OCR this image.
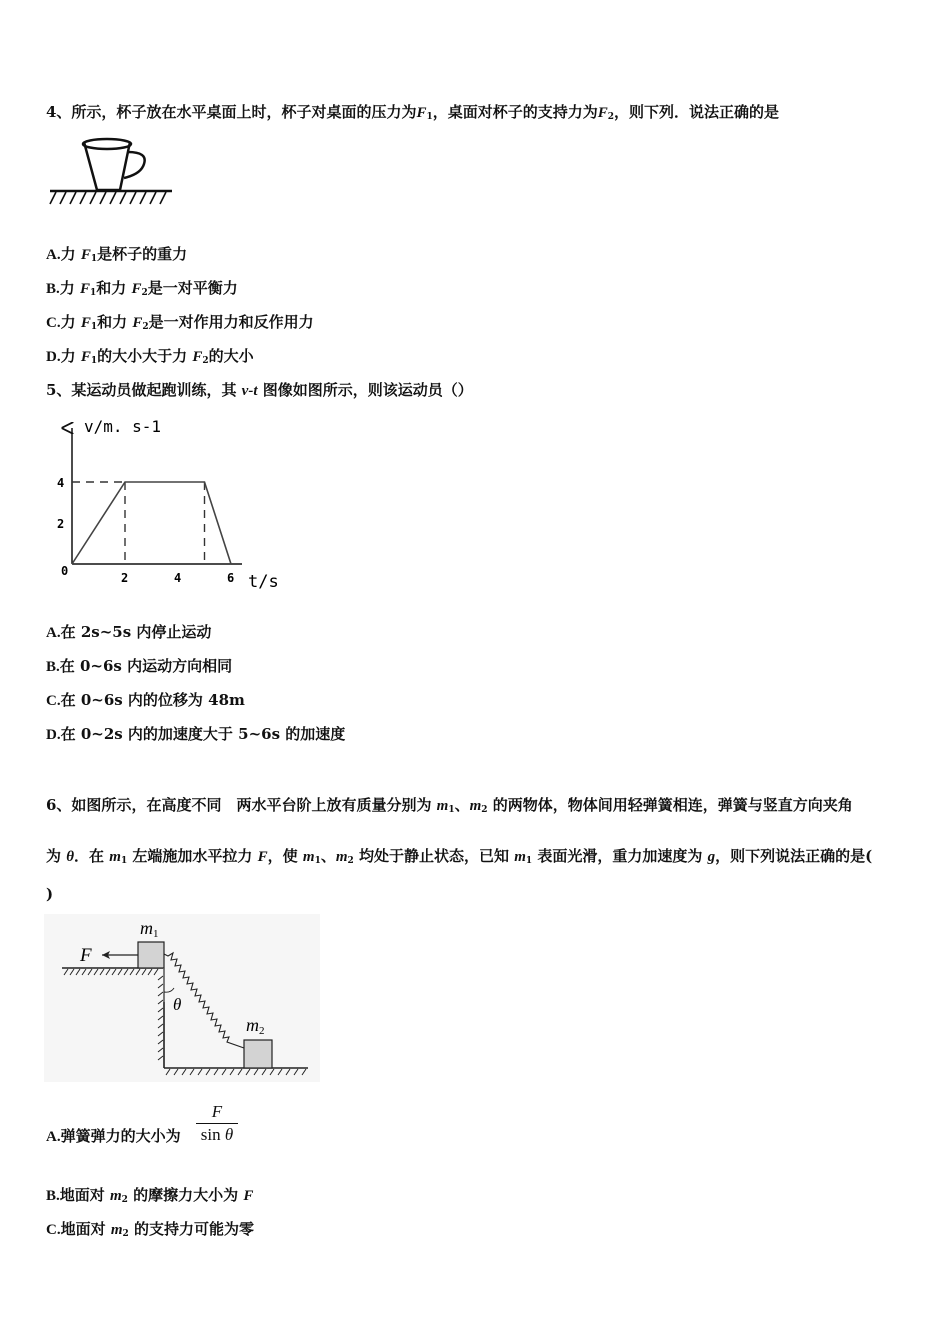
4、所示，杯子放在水平桌面上时，杯子对桌面的压力为$F_1$，桌面对杯子的支持力为$F_2$，则下列．说法正确的是
A.力 $F_1$是杯子的重力
B.力 $F_1$和力 $F_2$是一对平衡力
C.力 $F_1$和力 $F_2$是一对作用力和反作用力
D.力 $F_1$的大小大于力 $F_2$的大小
5、某运动员做起跑训练，其 v-t 图像如图所示，则该运动员（）
v/m. s-1
t/s
0	2	4	6
4
2
A.在 2s~5s 内停止运动
B.在 0~6s 内运动方向相同
C.在 0~6s 内的位移为 48m
D.在 0~2s 内的加速度大于 5~6s 的加速度
6、如图所示，在高度不同　两水平台阶上放有质量分别为 $m_1$、$m_2$ 的两物体，物体间用轻弹簧相连，弹簧与竖直方向夹角
为 θ．在 $m_1$ 左端施加水平拉力 F，使 $m_1$、$m_2$ 均处于静止状态，已知 $m_1$ 表面光滑，重力加速度为 g，则下列说法正确的是(
)
θ
F
m1
m2
A.弹簧弹力的大小为
F
sin θ
B.地面对 $m_2$ 的摩擦力大小为 F
C.地面对 $m_2$ 的支持力可能为零
